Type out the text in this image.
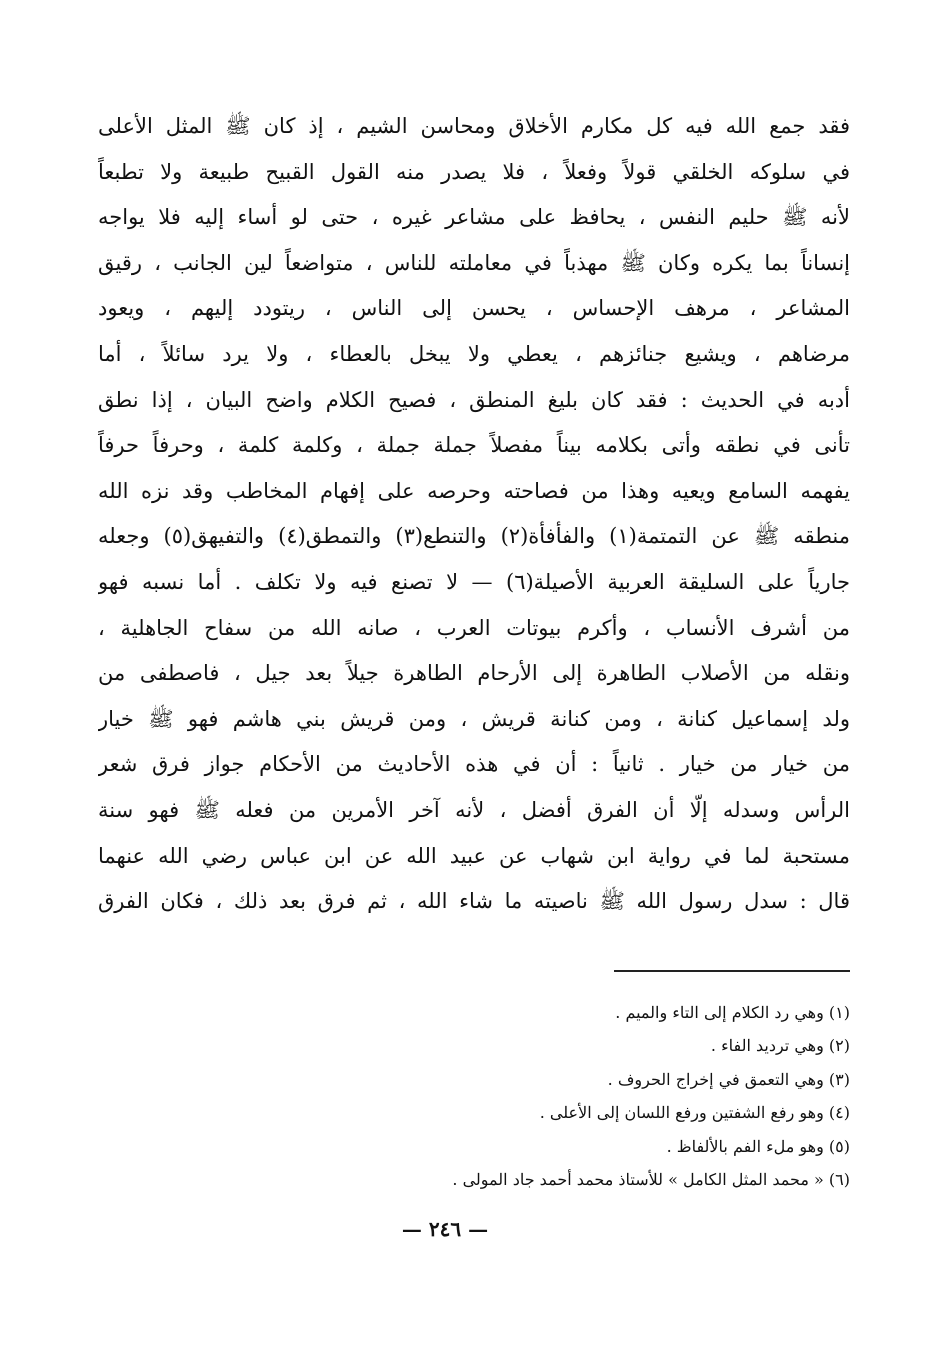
فقد جمع الله فيه كل مكارم الأخلاق ومحاسن الشيم ، إذ كان ﷺ المثل الأعلى
في سلوكه الخلقي قولاً وفعلاً ، فلا يصدر منه القول القبيح طبيعة ولا تطبعاً
لأنه ﷺ حليم النفس ، يحافظ على مشاعر غيره ، حتى لو أساء إليه فلا يواجه
إنساناً بما يكره وكان ﷺ مهذباً في معاملته للناس ، متواضعاً لين الجانب ، رقيق
المشاعر ، مرهف الإحساس ، يحسن إلى الناس ، ريتودد إليهم ، ويعود
مرضاهم ، ويشيع جنائزهم ، يعطي ولا يبخل بالعطاء ، ولا يرد سائلاً ، أما
أدبه في الحديث : فقد كان بليغ المنطق ، فصيح الكلام واضح البيان ، إذا نطق
تأنى في نطقه وأتى بكلامه بيناً مفصلاً جملة جملة ، وكلمة كلمة ، وحرفاً حرفاً
يفهمه السامع ويعيه وهذا من فصاحته وحرصه على إفهام المخاطب وقد نزه الله
منطقه ﷺ عن التمتمة(١) والفأفأة(٢) والتنطع(٣) والتمطق(٤) والتفيهق(٥) وجعله
جارياً على السليقة العربية الأصيلة(٦) — لا تصنع فيه ولا تكلف . أما نسبه فهو
من أشرف الأنساب ، وأكرم بيوتات العرب ، صانه الله من سفاح الجاهلية ،
ونقله من الأصلاب الطاهرة إلى الأرحام الطاهرة جيلاً بعد جيل ، فاصطفى من
ولد إسماعيل كنانة ، ومن كنانة قريش ، ومن قريش بني هاشم فهو ﷺ خيار
من خيار من خيار . ثانياً : أن في هذه الأحاديث من الأحكام جواز فرق شعر
الرأس وسدله إلّا أن الفرق أفضل ، لأنه آخر الأمرين من فعله ﷺ فهو سنة
مستحبة لما في رواية ابن شهاب عن عبيد الله عن ابن عباس رضي الله عنهما
قال : سدل رسول الله ﷺ ناصيته ما شاء الله ، ثم فرق بعد ذلك ، فكان الفرق
(١) وهي رد الكلام إلى التاء والميم .
(٢) وهي ترديد الفاء .
(٣) وهي التعمق في إخراج الحروف .
(٤) وهو رفع الشفتين ورفع اللسان إلى الأعلى .
(٥) وهو ملء الفم بالألفاظ .
(٦) « محمد المثل الكامل » للأستاذ محمد أحمد جاد المولى .
— ٢٤٦ —
